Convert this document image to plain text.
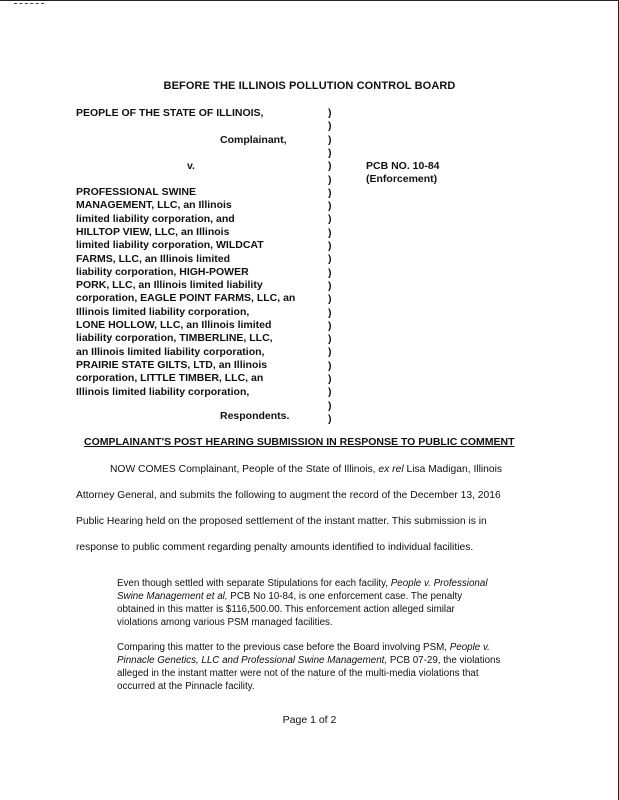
BEFORE THE ILLINOIS POLLUTION CONTROL BOARD
PEOPLE OF THE STATE OF ILLINOIS,
Complainant,
v.
PROFESSIONAL SWINE
MANAGEMENT, LLC, an Illinois
limited liability corporation, and
HILLTOP VIEW, LLC, an Illinois
limited liability corporation, WILDCAT
FARMS, LLC, an Illinois limited
liability corporation, HIGH-POWER
PORK, LLC, an Illinois limited liability
corporation, EAGLE POINT FARMS, LLC, an
Illinois limited liability corporation,
LONE HOLLOW, LLC, an Illinois limited
liability corporation, TIMBERLINE, LLC,
an Illinois limited liability corporation,
PRAIRIE STATE GILTS, LTD, an Illinois
corporation, LITTLE TIMBER, LLC, an
Illinois limited liability corporation,
Respondents.
)
)
)
)
)
)
)
)
)
)
)
)
)
)
)
)
)
)
)
)
)
)
)
)
PCB NO. 10-84
(Enforcement)
COMPLAINANT'S POST HEARING SUBMISSION IN RESPONSE TO PUBLIC COMMENT
NOW COMES Complainant, People of the State of Illinois, ex rel Lisa Madigan, Illinois
Attorney General, and submits the following to augment the record of the December 13, 2016
Public Hearing held on the proposed settlement of the instant matter. This submission is in
response to public comment regarding penalty amounts identified to individual facilities.
Even though settled with separate Stipulations for each facility, People v. Professional
Swine Management et al, PCB No 10-84, is one enforcement case. The penalty
obtained in this matter is $116,500.00. This enforcement action alleged similar
violations among various PSM managed facilities.
Comparing this matter to the previous case before the Board involving PSM, People v.
Pinnacle Genetics, LLC and Professional Swine Management, PCB 07-29, the violations
alleged in the instant matter were not of the nature of the multi-media violations that
occurred at the Pinnacle facility.
Page 1 of 2
